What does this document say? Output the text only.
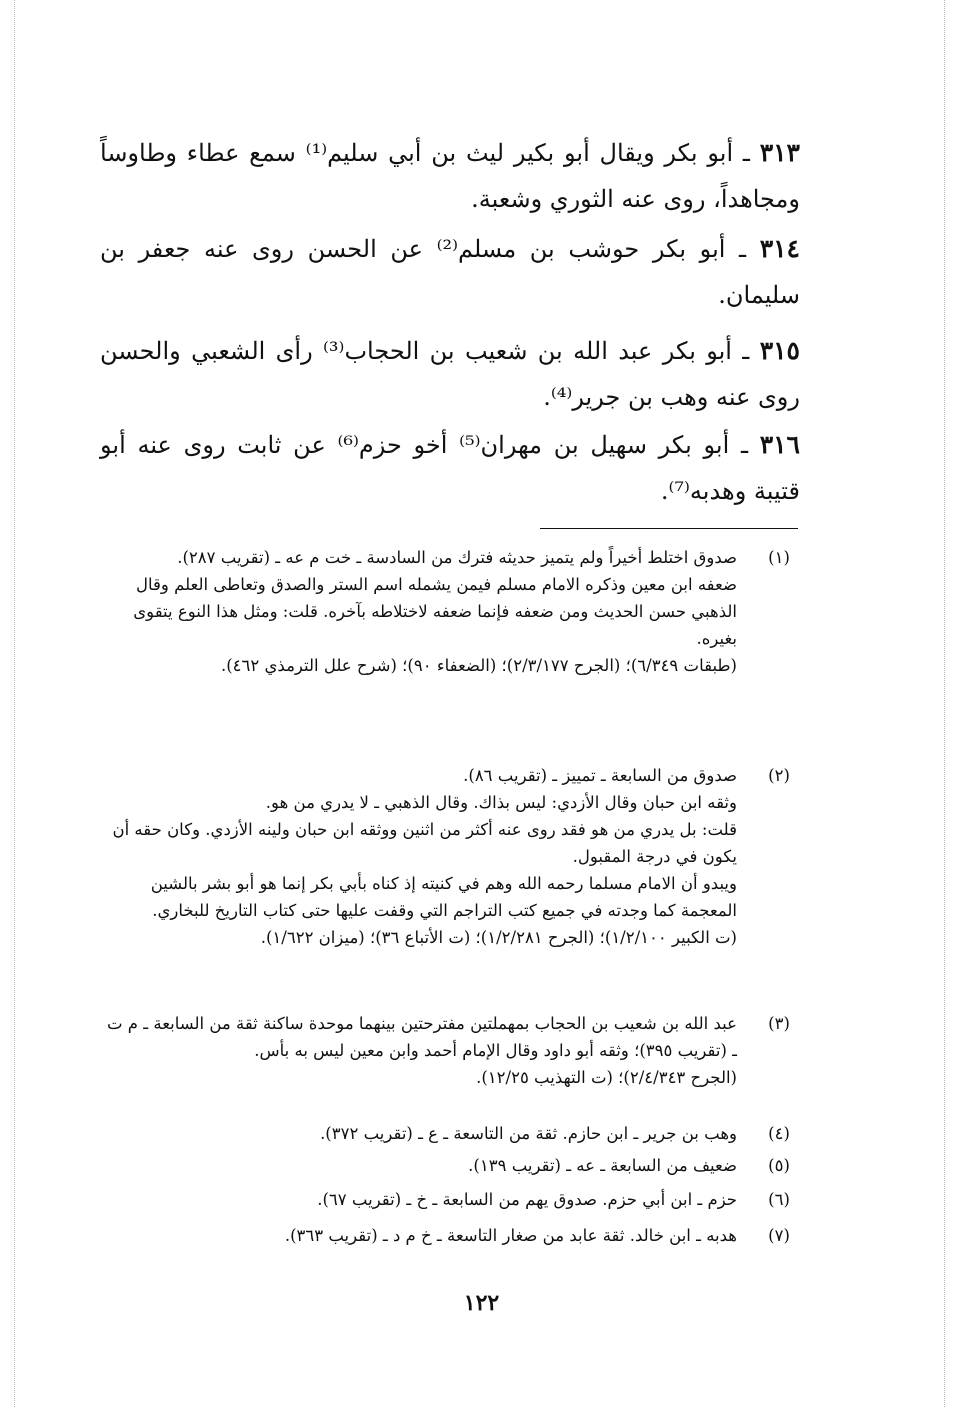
٣١٣ ـ أبو بكر ويقال أبو بكير ليث بن أبي سليم⁽¹⁾ سمع عطاء وطاوساً ومجاهداً، روى عنه الثوري وشعبة.
٣١٤ ـ أبو بكر حوشب بن مسلم⁽²⁾ عن الحسن روى عنه جعفر بن سليمان.
٣١٥ ـ أبو بكر عبد الله بن شعيب بن الحجاب⁽³⁾ رأى الشعبي والحسن روى عنه وهب بن جرير⁽⁴⁾.
٣١٦ ـ أبو بكر سهيل بن مهران⁽⁵⁾ أخو حزم⁽⁶⁾ عن ثابت روى عنه أبو قتيبة وهدبه⁽⁷⁾.
(١)

صدوق اختلط أخيراً ولم يتميز حديثه فترك من السادسة ـ خت م عه ـ (تقريب ٢٨٧).

ضعفه ابن معين وذكره الامام مسلم فيمن يشمله اسم الستر والصدق وتعاطى العلم وقال الذهبي حسن الحديث ومن ضعفه فإنما ضعفه لاختلاطه بآخره. قلت: ومثل هذا النوع يتقوى بغيره.

(طبقات ٦/٣٤٩)؛ (الجرح ٢/٣/١٧٧)؛ (الضعفاء ٩٠)؛ (شرح علل الترمذي ٤٦٢).

(٢)

صدوق من السابعة ـ تمييز ـ (تقريب ٨٦).

وثقه ابن حبان وقال الأزدي: ليس بذاك. وقال الذهبي ـ لا يدري من هو.

قلت: بل يدري من هو فقد روى عنه أكثر من اثنين ووثقه ابن حبان ولينه الأزدي. وكان حقه أن يكون في درجة المقبول.

ويبدو أن الامام مسلما رحمه الله وهم في كنيته إذ كناه بأبي بكر إنما هو أبو بشر بالشين المعجمة كما وجدته في جميع كتب التراجم التي وقفت عليها حتى كتاب التاريخ للبخاري.

(ت الكبير ١/٢/١٠٠)؛ (الجرح ١/٢/٢٨١)؛ (ت الأتباع ٣٦)؛ (ميزان ١/٦٢٢).

(٣)

عبد الله بن شعيب بن الحجاب بمهملتين مفترحتين بينهما موحدة ساكنة ثقة من السابعة ـ م ت ـ (تقريب ٣٩٥)؛ وثقه أبو داود وقال الإمام أحمد وابن معين ليس به بأس.

(الجرح ٢/٤/٣٤٣)؛ (ت التهذيب ١٢/٢٥).

(٤)

وهب بن جرير ـ ابن حازم. ثقة من التاسعة ـ ع ـ (تقريب ٣٧٢).

(٥)

ضعيف من السابعة ـ عه ـ (تقريب ١٣٩).

(٦)

حزم ـ ابن أبي حزم. صدوق يهم من السابعة ـ خ ـ (تقريب ٦٧).

(٧)

هدبه ـ ابن خالد. ثقة عابد من صغار التاسعة ـ خ م د ـ (تقريب ٣٦٣).

١٢٢
